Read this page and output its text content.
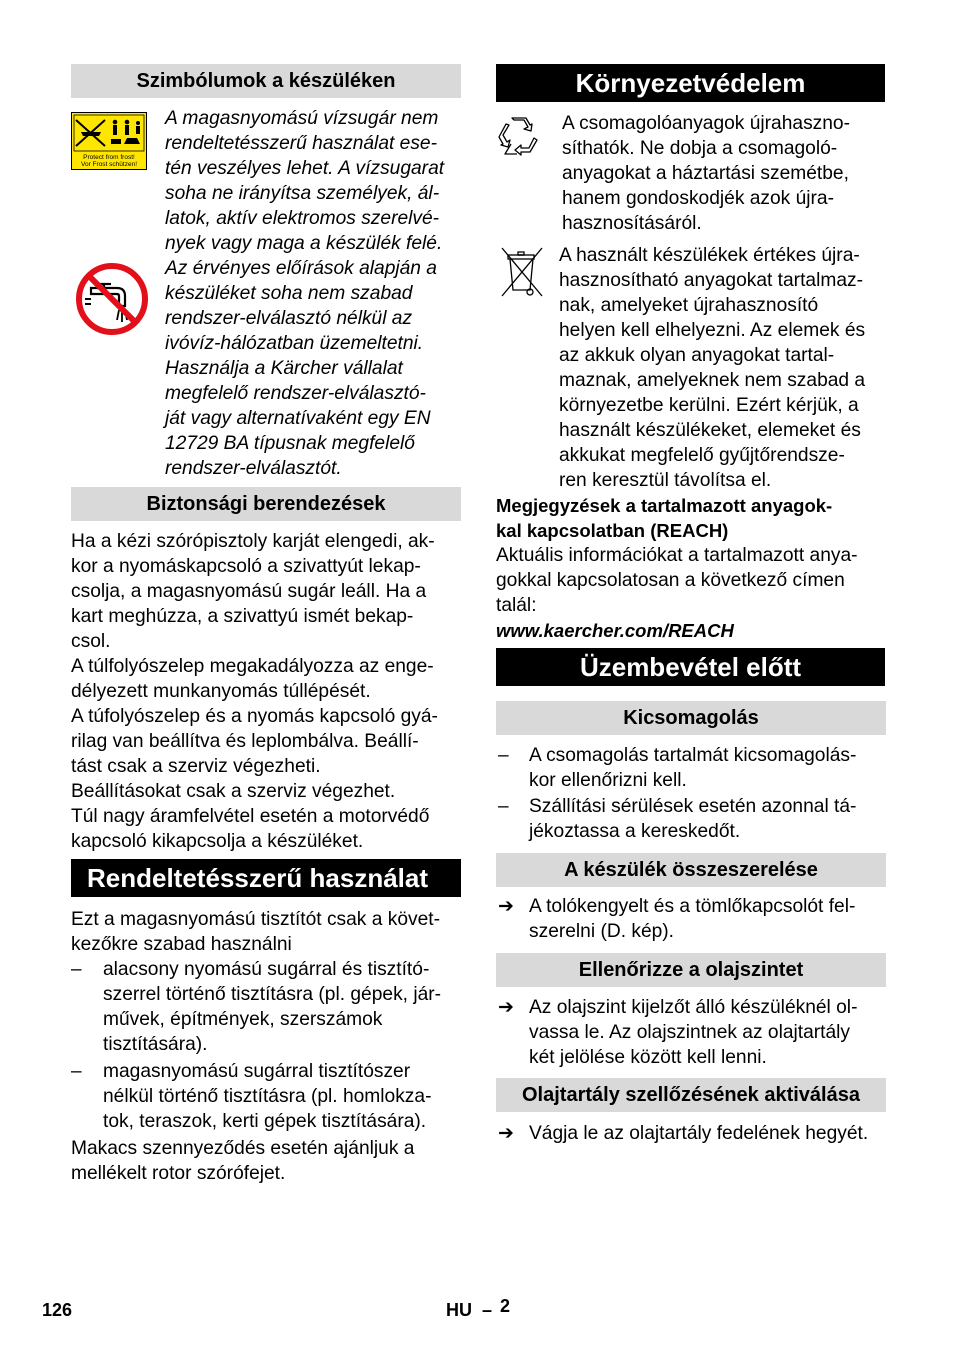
Szimbólumok a készüléken
Protect from frost!
Vor Frost schützen!
A magasnyomású vízsugár nem
rendeltetésszerű használat ese-
tén veszélyes lehet. A vízsugarat
soha ne irányítsa személyek, ál-
latok, aktív elektromos szerelvé-
nyek vagy maga a készülék felé.
Az érvényes előírások alapján a
készüléket soha nem szabad
rendszer-elválasztó nélkül az
ivóvíz-hálózatban üzemeltetni.
Használja a Kärcher vállalat
megfelelő rendszer-elválasztó-
ját vagy alternatívaként egy EN
12729 BA típusnak megfelelő
rendszer-elválasztót.
Biztonsági berendezések
Ha a kézi szórópisztoly karját elengedi, ak-
kor a nyomáskapcsoló a szivattyút lekap-
csolja, a magasnyomású sugár leáll. Ha a
kart meghúzza, a szivattyú ismét bekap-
csol.
A túlfolyószelep megakadályozza az enge-
délyezett munkanyomás túllépését.
A túfolyószelep és a nyomás kapcsoló gyá-
rilag van beállítva és leplombálva. Beállí-
tást csak a szerviz végezheti.
Beállításokat csak a szerviz végezhet.
Túl nagy áramfelvétel esetén a motorvédő
kapcsoló kikapcsolja a készüléket.
Rendeltetésszerű használat
Ezt a magasnyomású tisztítót csak a követ-
kezőkre szabad használni
– alacsony nyomású sugárral és tisztító-
szerrel történő tisztításra (pl. gépek, jár-
művek, építmények, szerszámok
tisztítására).
– magasnyomású sugárral tisztítószer
nélkül történő tisztításra (pl. homlokza-
tok, teraszok, kerti gépek tisztítására).
Makacs szennyeződés esetén ajánljuk a
mellékelt rotor szórófejet.
Környezetvédelem
A csomagolóanyagok újrahaszno-
síthatók. Ne dobja a csomagoló-
anyagokat a háztartási szemétbe,
hanem gondoskodjék azok újra-
hasznosításáról.
A használt készülékek értékes újra-
hasznosítható anyagokat tartalmaz-
nak, amelyeket újrahasznosító
helyen kell elhelyezni. Az elemek és
az akkuk olyan anyagokat tartal-
maznak, amelyeknek nem szabad a
környezetbe kerülni. Ezért kérjük, a
használt készülékeket, elemeket és
akkukat megfelelő gyűjtőrendsze-
ren keresztül távolítsa el.
Megjegyzések a tartalmazott anyagok-
kal kapcsolatban (REACH)
Aktuális információkat a tartalmazott anya-
gokkal kapcsolatosan a következő címen
talál:
www.kaercher.com/REACH
Üzembevétel előtt
Kicsomagolás
– A csomagolás tartalmát kicsomagolás-
kor ellenőrizni kell.
– Szállítási sérülések esetén azonnal tá-
jékoztassa a kereskedőt.
A készülék összeszerelése
➔ A tolókengyelt és a tömlőkapcsolót fel-
szerelni (D. kép).
Ellenőrizze a olajszintet
➔ Az olajszint kijelzőt álló készüléknél ol-
vassa le. Az olajszintnek az olajtartály
két jelölése között kell lenni.
Olajtartály szellőzésének aktiválása
➔ Vágja le az olajtartály fedelének hegyét.
126	HU – 2
